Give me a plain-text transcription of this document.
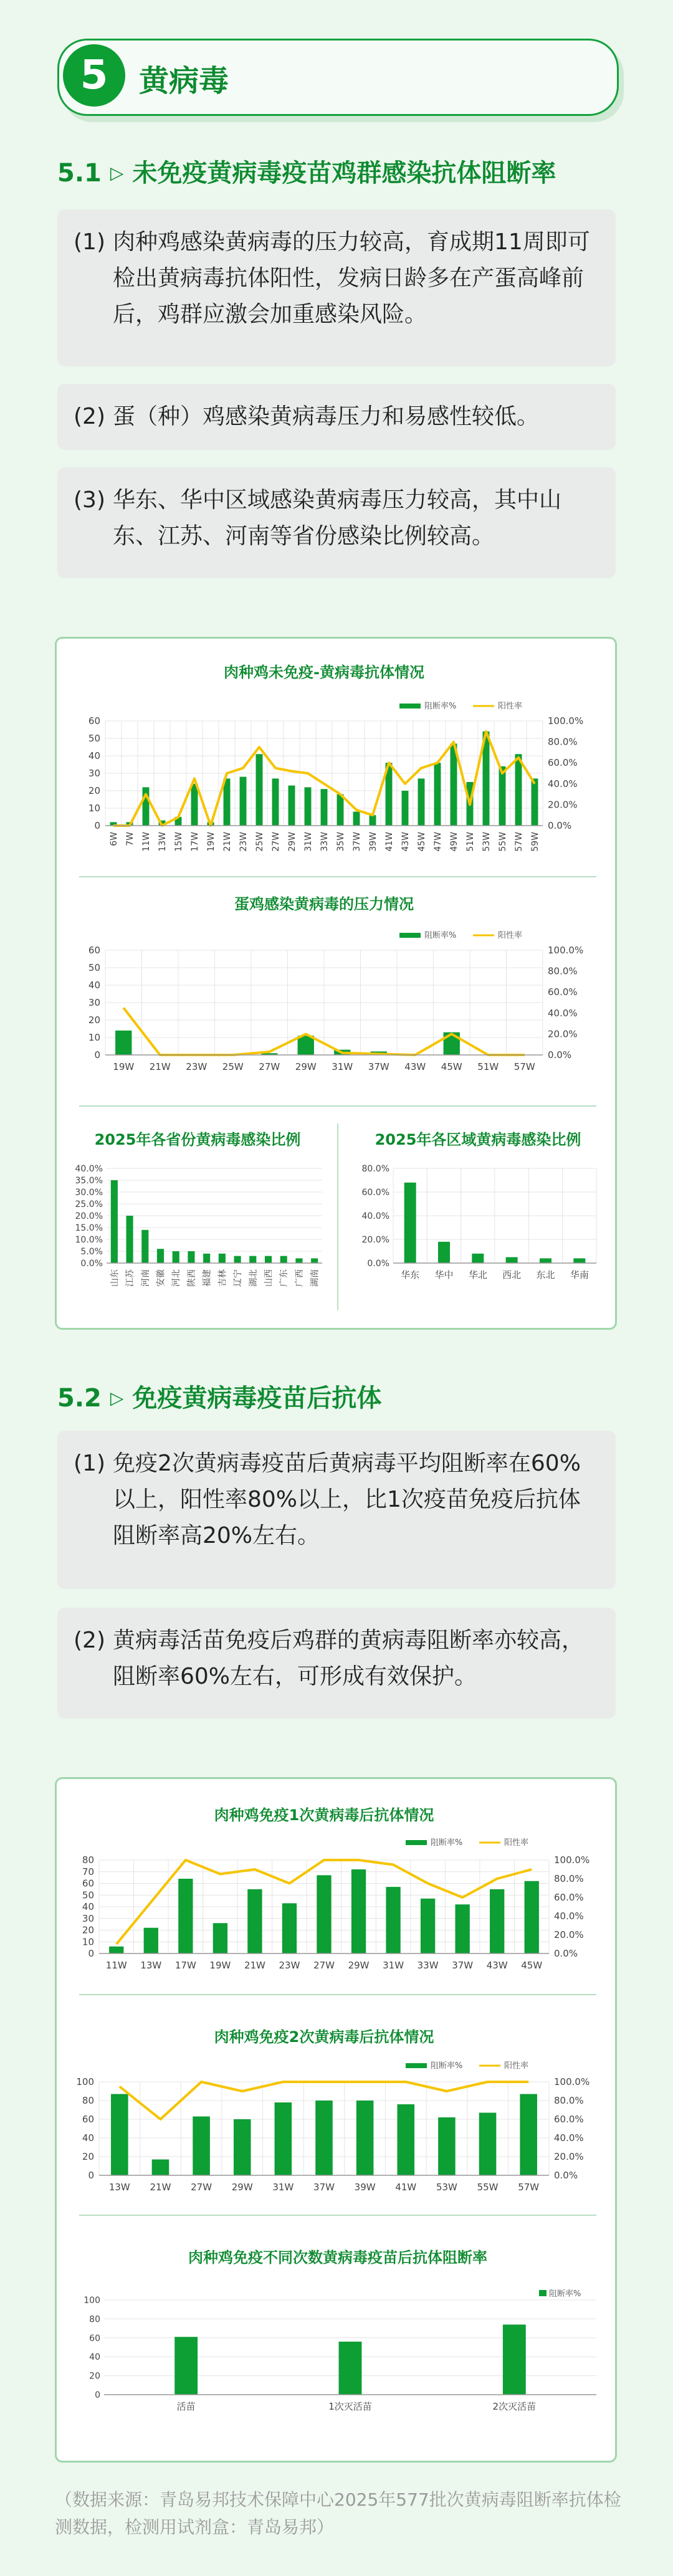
5	黄病毒
5.1 ▷ 未免疫黄病毒疫苗鸡群感染抗体阻断率
(1) 肉种鸡感染黄病毒的压力较高，育成期11周即可检出黄病毒抗体阳性，发病日龄多在产蛋高峰前后，鸡群应激会加重感染风险。
(2) 蛋（种）鸡感染黄病毒压力和易感性较低。
(3) 华东、华中区域感染黄病毒压力较高，其中山东、江苏、河南等省份感染比例较高。
肉种鸡未免疫-黄病毒抗体情况
阻断率%	阳性率
0
10
20
30
40
50
60
0.0%
20.0%
40.0%
60.0%
80.0%
100.0%
6W 7W 11W 13W 15W 17W 19W 21W 23W 25W 27W 29W 31W 33W 35W 37W 39W 41W 43W 45W 47W 49W 51W 53W 55W 57W 59W
蛋鸡感染黄病毒的压力情况
阻断率%	阳性率
0
10
20
30
40
50
60
0.0%
20.0%
40.0%
60.0%
80.0%
100.0%
19W 21W 23W 25W 27W 29W 31W 37W 43W 45W 51W 57W
2025年各省份黄病毒感染比例
0.0%
5.0%
10.0%
15.0%
20.0%
25.0%
30.0%
35.0%
40.0%
山东 江苏 河南 安徽 河北 陕西 福建 吉林 辽宁 湖北 山西 广东 广西 湖南
2025年各区域黄病毒感染比例
0.0%
20.0%
40.0%
60.0%
80.0%
华东 华中 华北 西北 东北 华南
5.2 ▷ 免疫黄病毒疫苗后抗体
(1) 免疫2次黄病毒疫苗后黄病毒平均阻断率在60%以上，阳性率80%以上，比1次疫苗免疫后抗体阻断率高20%左右。
(2) 黄病毒活苗免疫后鸡群的黄病毒阻断率亦较高，阻断率60%左右，可形成有效保护。
肉种鸡免疫1次黄病毒后抗体情况
阻断率%	阳性率
0
10
20
30
40
50
60
70
80
0.0%
20.0%
40.0%
60.0%
80.0%
100.0%
11W 13W 17W 19W 21W 23W 27W 29W 31W 33W 37W 43W 45W
肉种鸡免疫2次黄病毒后抗体情况
阻断率%	阳性率
0
20
40
60
80
100
0.0%
20.0%
40.0%
60.0%
80.0%
100.0%
13W 21W 27W 29W 31W 37W 39W 41W 53W 55W 57W
肉种鸡免疫不同次数黄病毒疫苗后抗体阻断率
0
20
40
60
80
100
活苗	1次灭活苗	2次灭活苗
阻断率%
（数据来源：青岛易邦技术保障中心2025年577批次黄病毒阻断率抗体检测数据，检测用试剂盒：青岛易邦）
